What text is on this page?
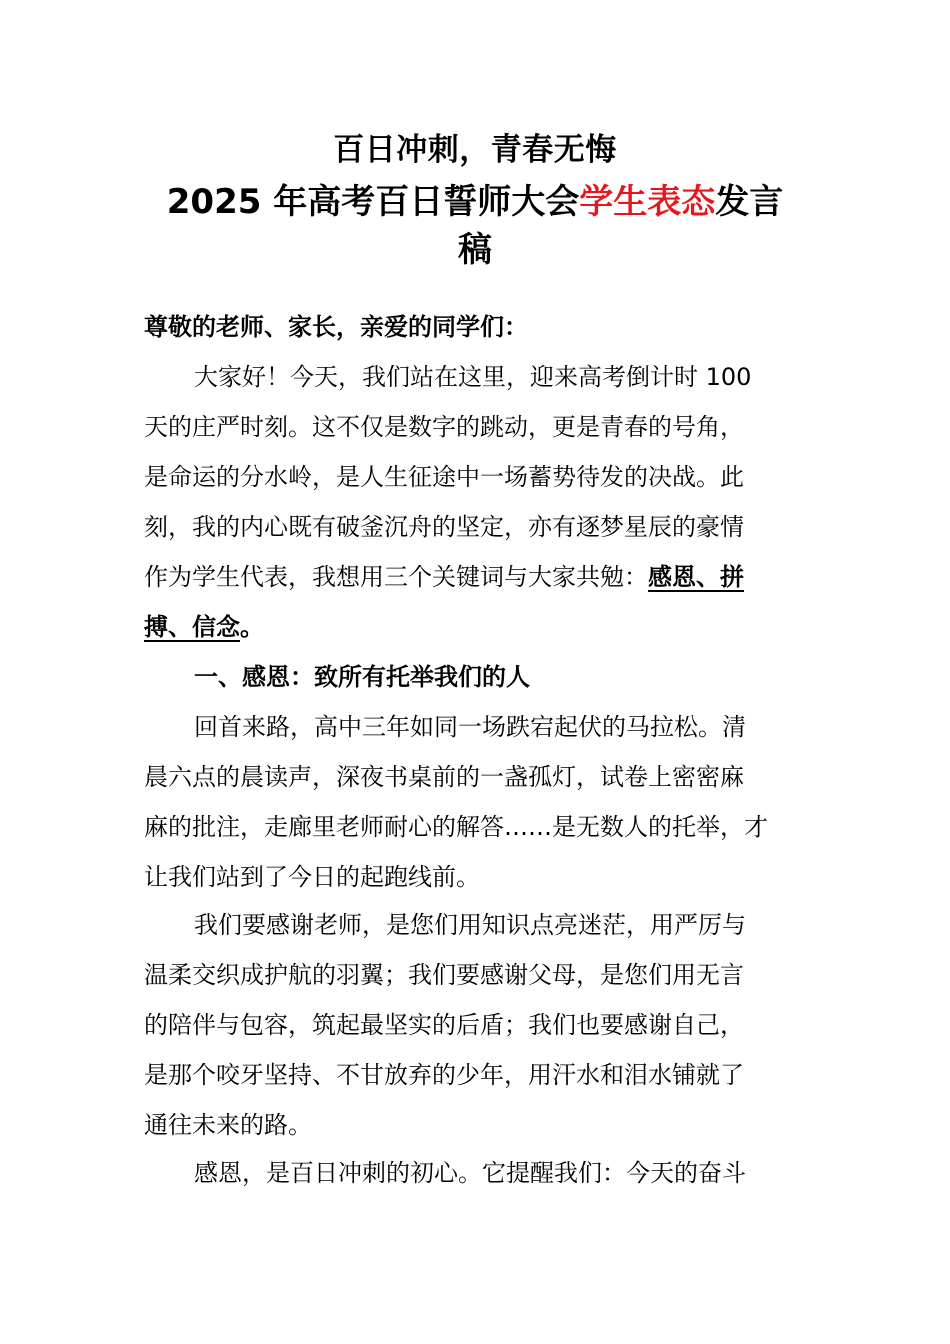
百日冲刺，青春无悔
2025 年高考百日誓师大会学生表态发言
稿
尊敬的老师、家长，亲爱的同学们：
大家好！今天，我们站在这里，迎来高考倒计时 100
天的庄严时刻。这不仅是数字的跳动，更是青春的号角，
是命运的分水岭，是人生征途中一场蓄势待发的决战。此
刻，我的内心既有破釜沉舟的坚定，亦有逐梦星辰的豪情
作为学生代表，我想用三个关键词与大家共勉：感恩、拼
搏、信念。
一、感恩：致所有托举我们的人
回首来路，高中三年如同一场跌宕起伏的马拉松。清
晨六点的晨读声，深夜书桌前的一盏孤灯，试卷上密密麻
麻的批注，走廊里老师耐心的解答……是无数人的托举，才
让我们站到了今日的起跑线前。
我们要感谢老师，是您们用知识点亮迷茫，用严厉与
温柔交织成护航的羽翼；我们要感谢父母，是您们用无言
的陪伴与包容，筑起最坚实的后盾；我们也要感谢自己，
是那个咬牙坚持、不甘放弃的少年，用汗水和泪水铺就了
通往未来的路。
感恩，是百日冲刺的初心。它提醒我们：今天的奋斗
